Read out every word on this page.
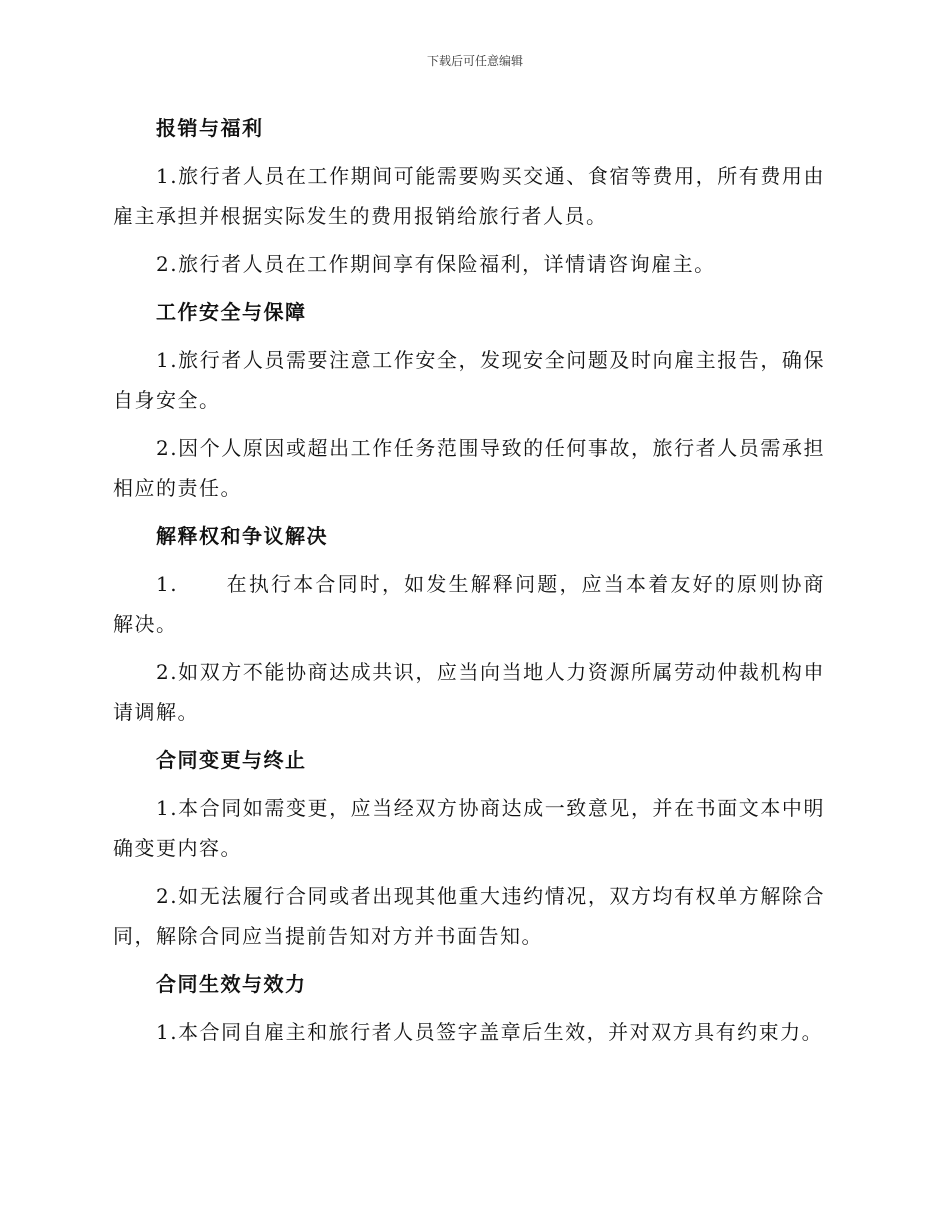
下载后可任意编辑
报销与福利
1.旅行者人员在工作期间可能需要购买交通、食宿等费用，所有费用由雇主承担并根据实际发生的费用报销给旅行者人员。
2.旅行者人员在工作期间享有保险福利，详情请咨询雇主。
工作安全与保障
1.旅行者人员需要注意工作安全，发现安全问题及时向雇主报告，确保自身安全。
2.因个人原因或超出工作任务范围导致的任何事故，旅行者人员需承担相应的责任。
解释权和争议解决
1. 在执行本合同时，如发生解释问题，应当本着友好的原则协商解决。
2.如双方不能协商达成共识，应当向当地人力资源所属劳动仲裁机构申请调解。
合同变更与终止
1.本合同如需变更，应当经双方协商达成一致意见，并在书面文本中明确变更内容。
2.如无法履行合同或者出现其他重大违约情况，双方均有权单方解除合同，解除合同应当提前告知对方并书面告知。
合同生效与效力
1.本合同自雇主和旅行者人员签字盖章后生效，并对双方具有约束力。
